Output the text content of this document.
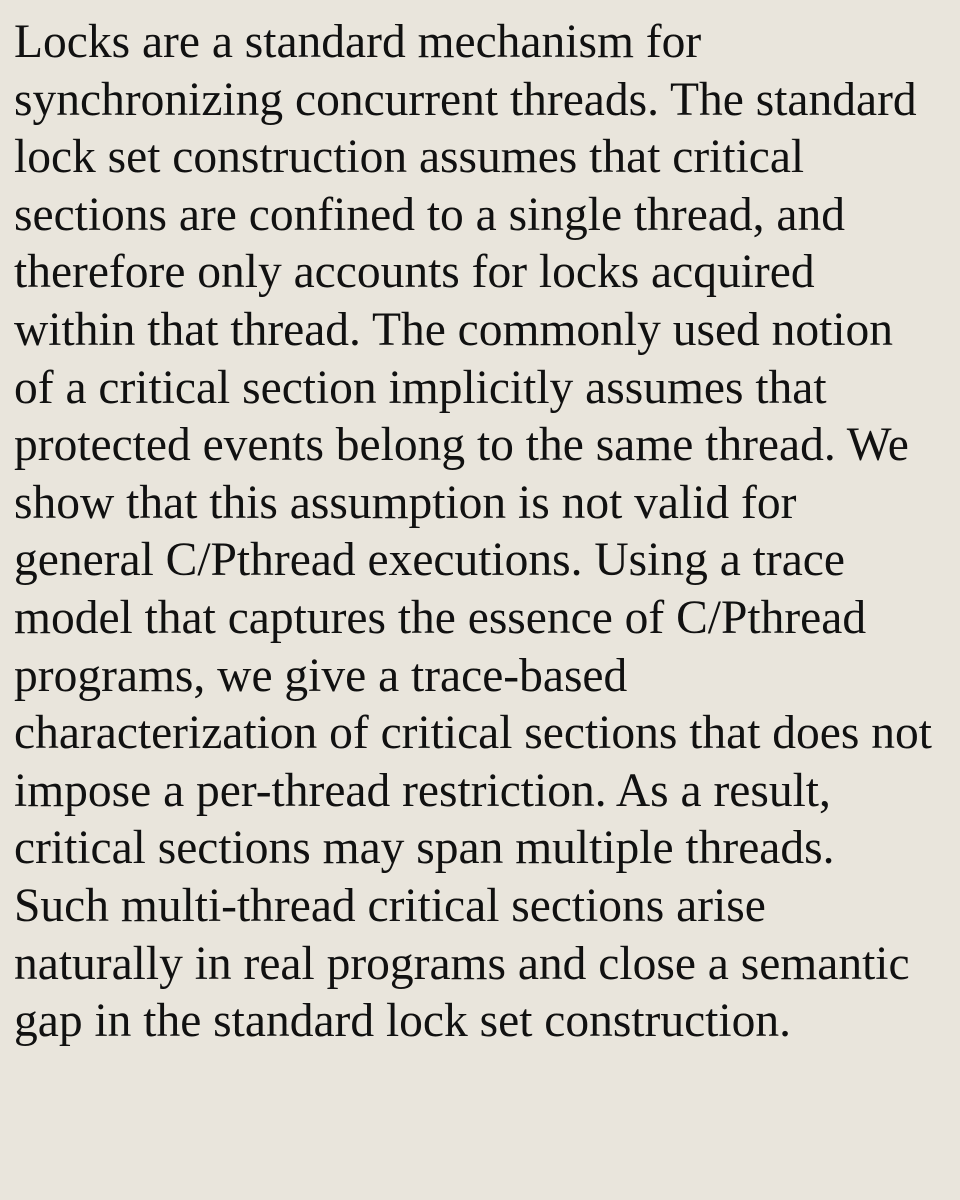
Locks are a standard mechanism for
synchronizing concurrent threads. The standard
lock set construction assumes that critical
sections are confined to a single thread, and
therefore only accounts for locks acquired
within that thread. The commonly used notion
of a critical section implicitly assumes that
protected events belong to the same thread. We
show that this assumption is not valid for
general C/Pthread executions. Using a trace
model that captures the essence of C/Pthread
programs, we give a trace-based
characterization of critical sections that does not
impose a per-thread restriction. As a result,
critical sections may span multiple threads.
Such multi-thread critical sections arise
naturally in real programs and close a semantic
gap in the standard lock set construction.
